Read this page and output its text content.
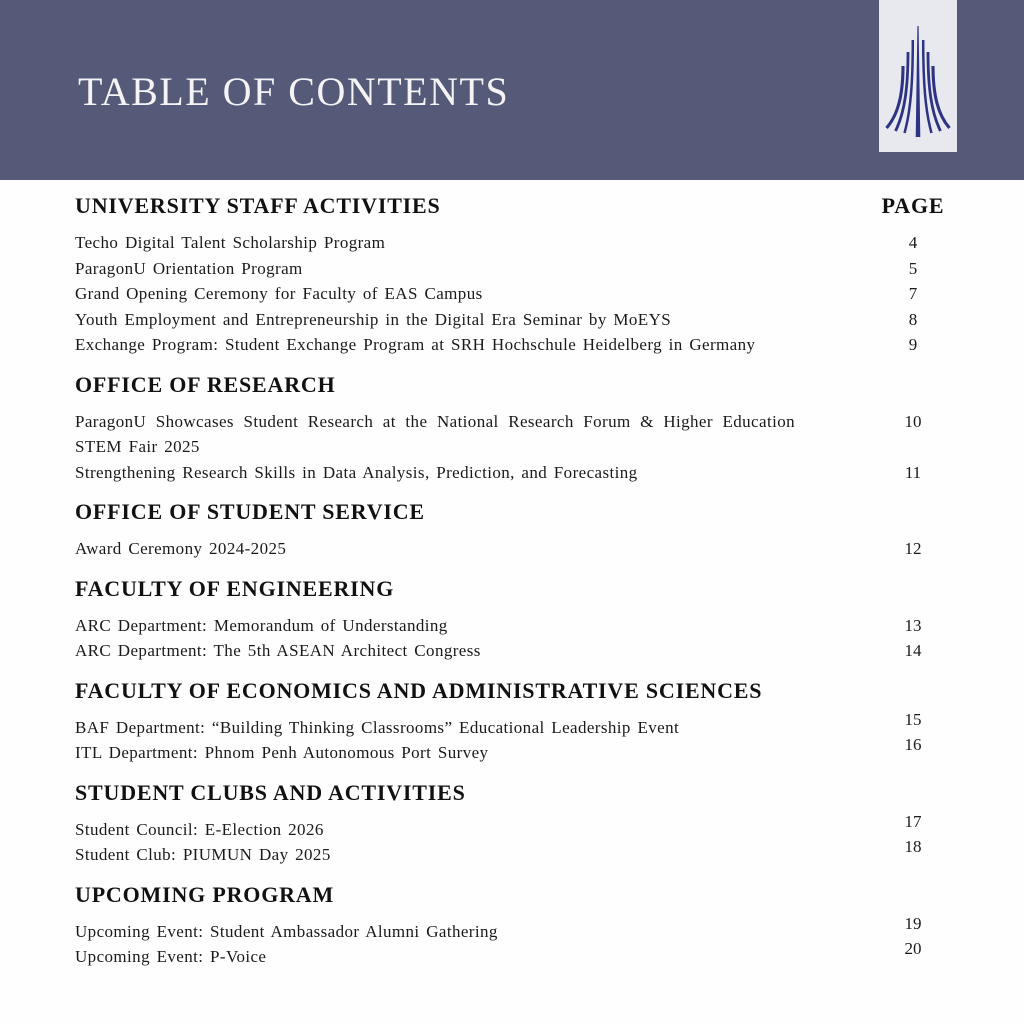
TABLE OF CONTENTS
UNIVERSITY STAFF ACTIVITIES	PAGE
Techo Digital Talent Scholarship Program	4
ParagonU Orientation Program	5
Grand Opening Ceremony for Faculty of EAS Campus	7
Youth Employment and Entrepreneurship in the Digital Era Seminar by MoEYS	8
Exchange Program: Student Exchange Program at SRH Hochschule Heidelberg in Germany	9
OFFICE OF RESEARCH
ParagonU Showcases Student Research at the National Research Forum & Higher Education STEM Fair 2025
10
Strengthening Research Skills in Data Analysis, Prediction, and Forecasting	11
OFFICE OF STUDENT SERVICE
Award Ceremony 2024-2025	12
FACULTY OF ENGINEERING
ARC Department: Memorandum of Understanding	13
ARC Department: The 5th ASEAN Architect Congress	14
FACULTY OF ECONOMICS AND ADMINISTRATIVE SCIENCES
BAF Department: “Building Thinking Classrooms” Educational Leadership Event	15
ITL Department: Phnom Penh Autonomous Port Survey	16
STUDENT CLUBS AND ACTIVITIES
Student Council: E-Election 2026	17
Student Club: PIUMUN Day 2025	18
UPCOMING PROGRAM
Upcoming Event: Student Ambassador Alumni Gathering	19
Upcoming Event: P-Voice	20
